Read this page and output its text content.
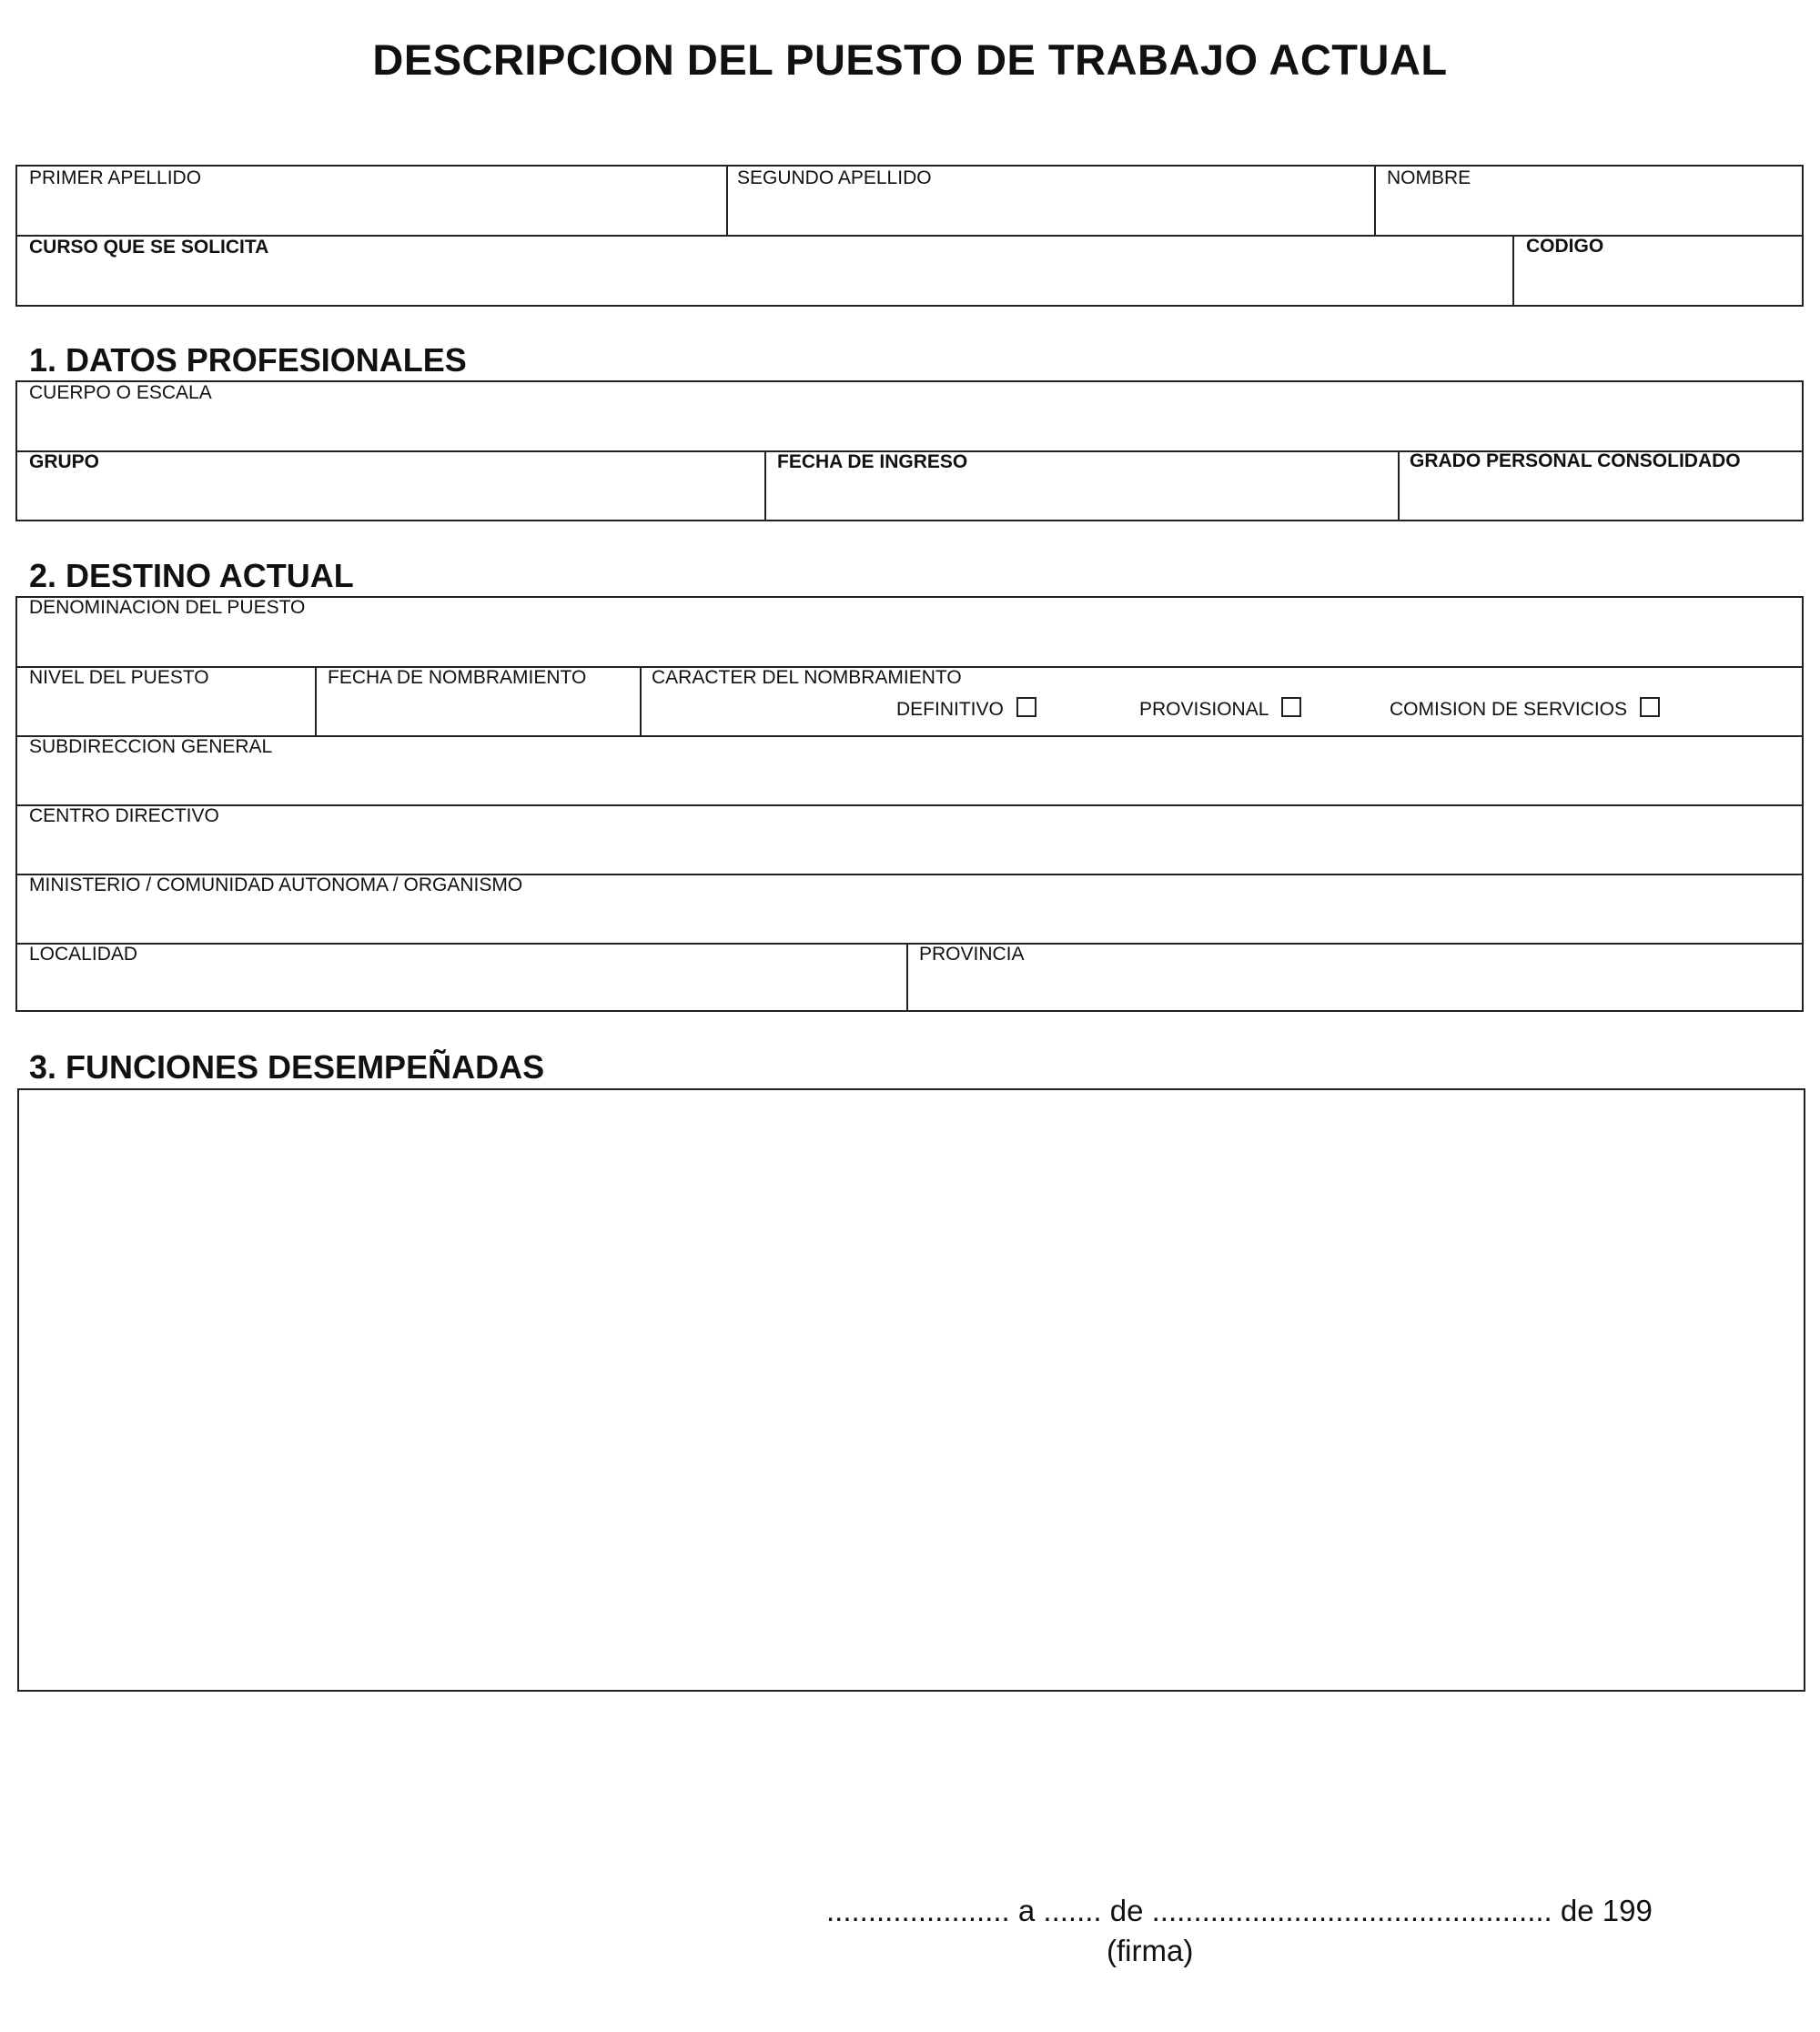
DESCRIPCION DEL PUESTO DE TRABAJO ACTUAL
PRIMER APELLIDO	SEGUNDO APELLIDO	NOMBRE
CURSO QUE SE SOLICITA	CODIGO
1. DATOS PROFESIONALES
CUERPO O ESCALA
GRUPO	FECHA DE INGRESO	GRADO PERSONAL CONSOLIDADO
2. DESTINO ACTUAL
DENOMINACION DEL PUESTO
NIVEL DEL PUESTO	FECHA DE NOMBRAMIENTO	CARACTER DEL NOMBRAMIENTO
DEFINITIVO	PROVISIONAL	COMISION DE SERVICIOS
SUBDIRECCION GENERAL
CENTRO DIRECTIVO
MINISTERIO / COMUNIDAD AUTONOMA / ORGANISMO
LOCALIDAD	PROVINCIA
3. FUNCIONES DESEMPEÑADAS
...................... a ....... de ................................................ de 199
(firma)
